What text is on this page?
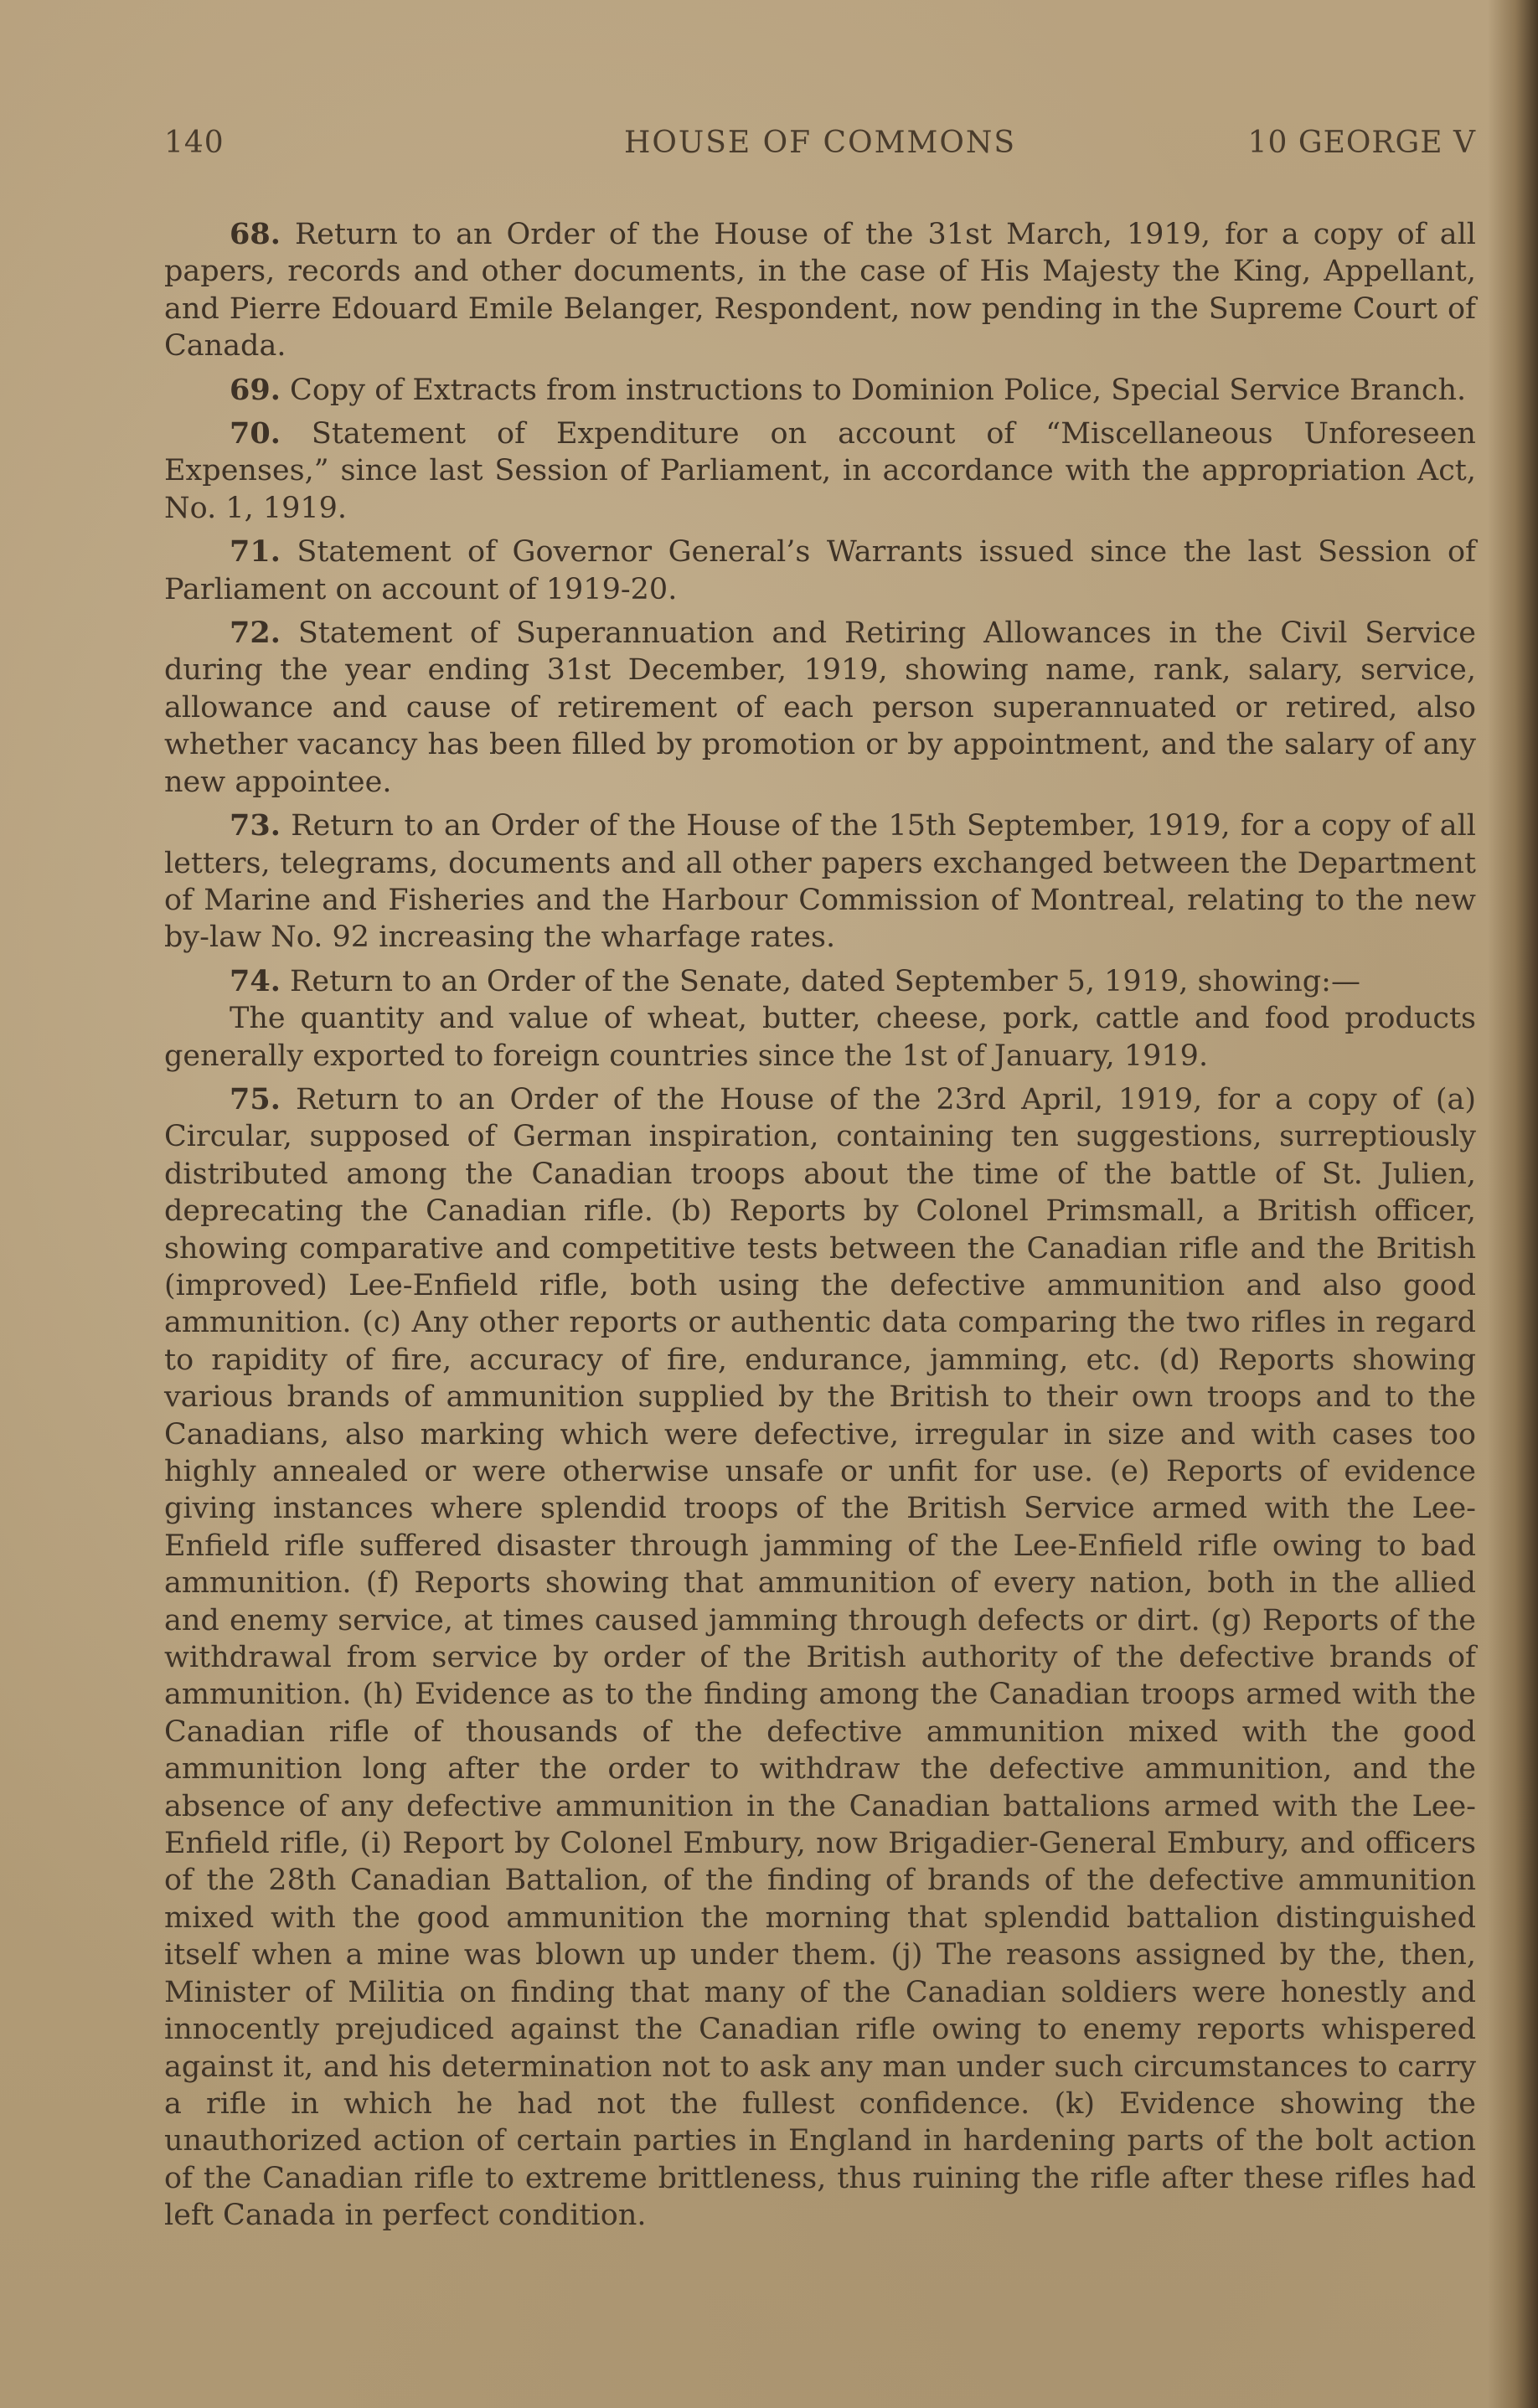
140	HOUSE OF COMMONS	10 GEORGE V

68. Return to an Order of the House of the 31st March, 1919, for a copy of all papers, records and other documents, in the case of His Majesty the King, Appellant, and Pierre Edouard Emile Belanger, Respondent, now pending in the Supreme Court of Canada.

69. Copy of Extracts from instructions to Dominion Police, Special Service Branch.

70. Statement of Expenditure on account of “Miscellaneous Unforeseen Expenses,” since last Session of Parliament, in accordance with the appropriation Act, No. 1, 1919.

71. Statement of Governor General’s Warrants issued since the last Session of Parliament on account of 1919-20.

72. Statement of Superannuation and Retiring Allowances in the Civil Service during the year ending 31st December, 1919, showing name, rank, salary, service, allowance and cause of retirement of each person superannuated or retired, also whether vacancy has been filled by promotion or by appointment, and the salary of any new appointee.

73. Return to an Order of the House of the 15th September, 1919, for a copy of all letters, telegrams, documents and all other papers exchanged between the Department of Marine and Fisheries and the Harbour Commission of Montreal, relating to the new by-law No. 92 increasing the wharfage rates.

74. Return to an Order of the Senate, dated September 5, 1919, showing:—

The quantity and value of wheat, butter, cheese, pork, cattle and food products generally exported to foreign countries since the 1st of January, 1919.

75. Return to an Order of the House of the 23rd April, 1919, for a copy of (a) Circular, supposed of German inspiration, containing ten suggestions, surreptiously distributed among the Canadian troops about the time of the battle of St. Julien, deprecating the Canadian rifle. (b) Reports by Colonel Primsmall, a British officer, showing comparative and competitive tests between the Canadian rifle and the British (improved) Lee-Enfield rifle, both using the defective ammunition and also good ammunition. (c) Any other reports or authentic data comparing the two rifles in regard to rapidity of fire, accuracy of fire, endurance, jamming, etc. (d) Reports showing various brands of ammunition supplied by the British to their own troops and to the Canadians, also marking which were defective, irregular in size and with cases too highly annealed or were otherwise unsafe or unfit for use. (e) Reports of evidence giving instances where splendid troops of the British Service armed with the Lee-Enfield rifle suffered disaster through jamming of the Lee-Enfield rifle owing to bad ammunition. (f) Reports showing that ammunition of every nation, both in the allied and enemy service, at times caused jamming through defects or dirt. (g) Reports of the withdrawal from service by order of the British authority of the defective brands of ammunition. (h) Evidence as to the finding among the Canadian troops armed with the Canadian rifle of thousands of the defective ammunition mixed with the good ammunition long after the order to withdraw the defective ammunition, and the absence of any defective ammunition in the Canadian battalions armed with the Lee-Enfield rifle, (i) Report by Colonel Embury, now Brigadier-General Embury, and officers of the 28th Canadian Battalion, of the finding of brands of the defective ammunition mixed with the good ammunition the morning that splendid battalion distinguished itself when a mine was blown up under them. (j) The reasons assigned by the, then, Minister of Militia on finding that many of the Canadian soldiers were honestly and innocently prejudiced against the Canadian rifle owing to enemy reports whispered against it, and his determination not to ask any man under such circumstances to carry a rifle in which he had not the fullest confidence. (k) Evidence showing the unauthorized action of certain parties in England in hardening parts of the bolt action of the Canadian rifle to extreme brittleness, thus ruining the rifle after these rifles had left Canada in perfect condition.
